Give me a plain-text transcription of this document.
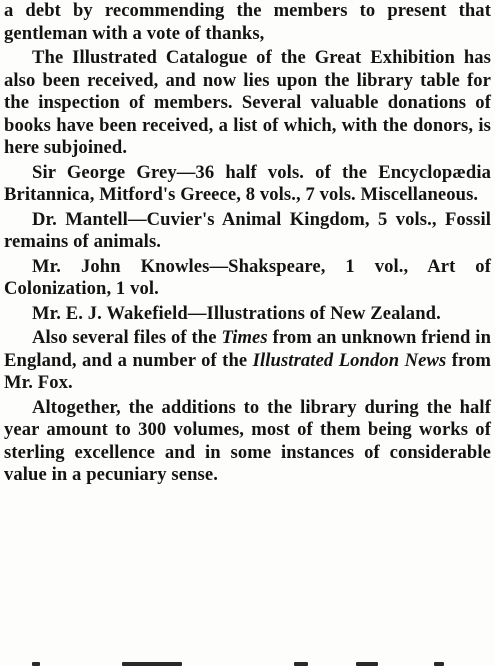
a debt by recommending the members to present that gentleman with a vote of thanks,

The Illustrated Catalogue of the Great Exhibition has also been received, and now lies upon the library table for the inspection of members. Several valuable donations of books have been received, a list of which, with the donors, is here subjoined.

Sir George Grey—36 half vols. of the Encyclopædia Britannica, Mitford's Greece, 8 vols., 7 vols. Miscellaneous.

Dr. Mantell—Cuvier's Animal Kingdom, 5 vols., Fossil remains of animals.

Mr. John Knowles—Shakspeare, 1 vol., Art of Colonization, 1 vol.

Mr. E. J. Wakefield—Illustrations of New Zealand.

Also several files of the Times from an unknown friend in England, and a number of the Illustrated London News from Mr. Fox.

Altogether, the additions to the library during the half year amount to 300 volumes, most of them being works of sterling excellence and in some instances of considerable value in a pecuniary sense.
